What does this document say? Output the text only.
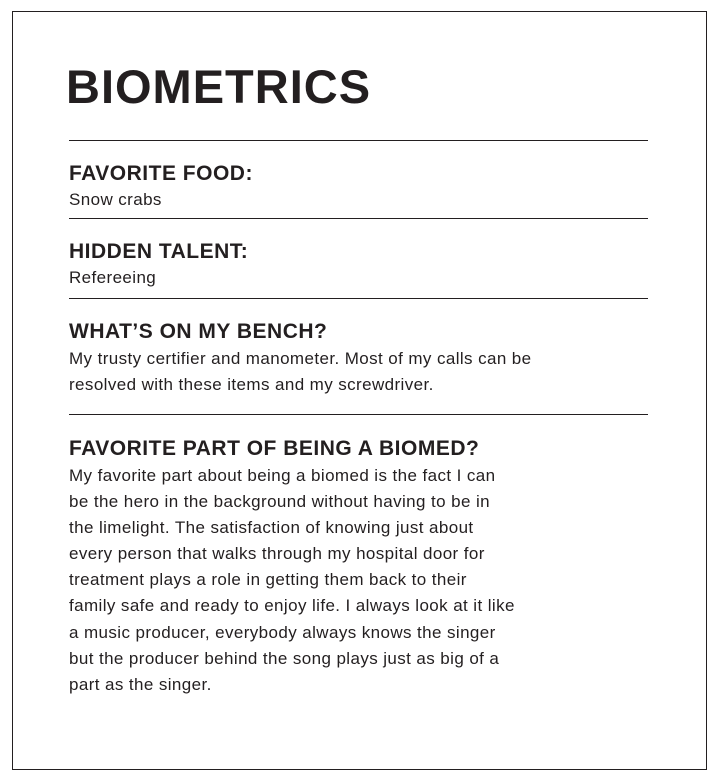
BIOMETRICS
FAVORITE FOOD:

Snow crabs

HIDDEN TALENT:

Refereeing

WHAT’S ON MY BENCH?
My trusty certifier and manometer. Most of my calls can be
resolved with these items and my screwdriver.
FAVORITE PART OF BEING A BIOMED?
My favorite part about being a biomed is the fact I can
be the hero in the background without having to be in
the limelight. The satisfaction of knowing just about
every person that walks through my hospital door for
treatment plays a role in getting them back to their
family safe and ready to enjoy life. I always look at it like
a music producer, everybody always knows the singer
but the producer behind the song plays just as big of a
part as the singer.
